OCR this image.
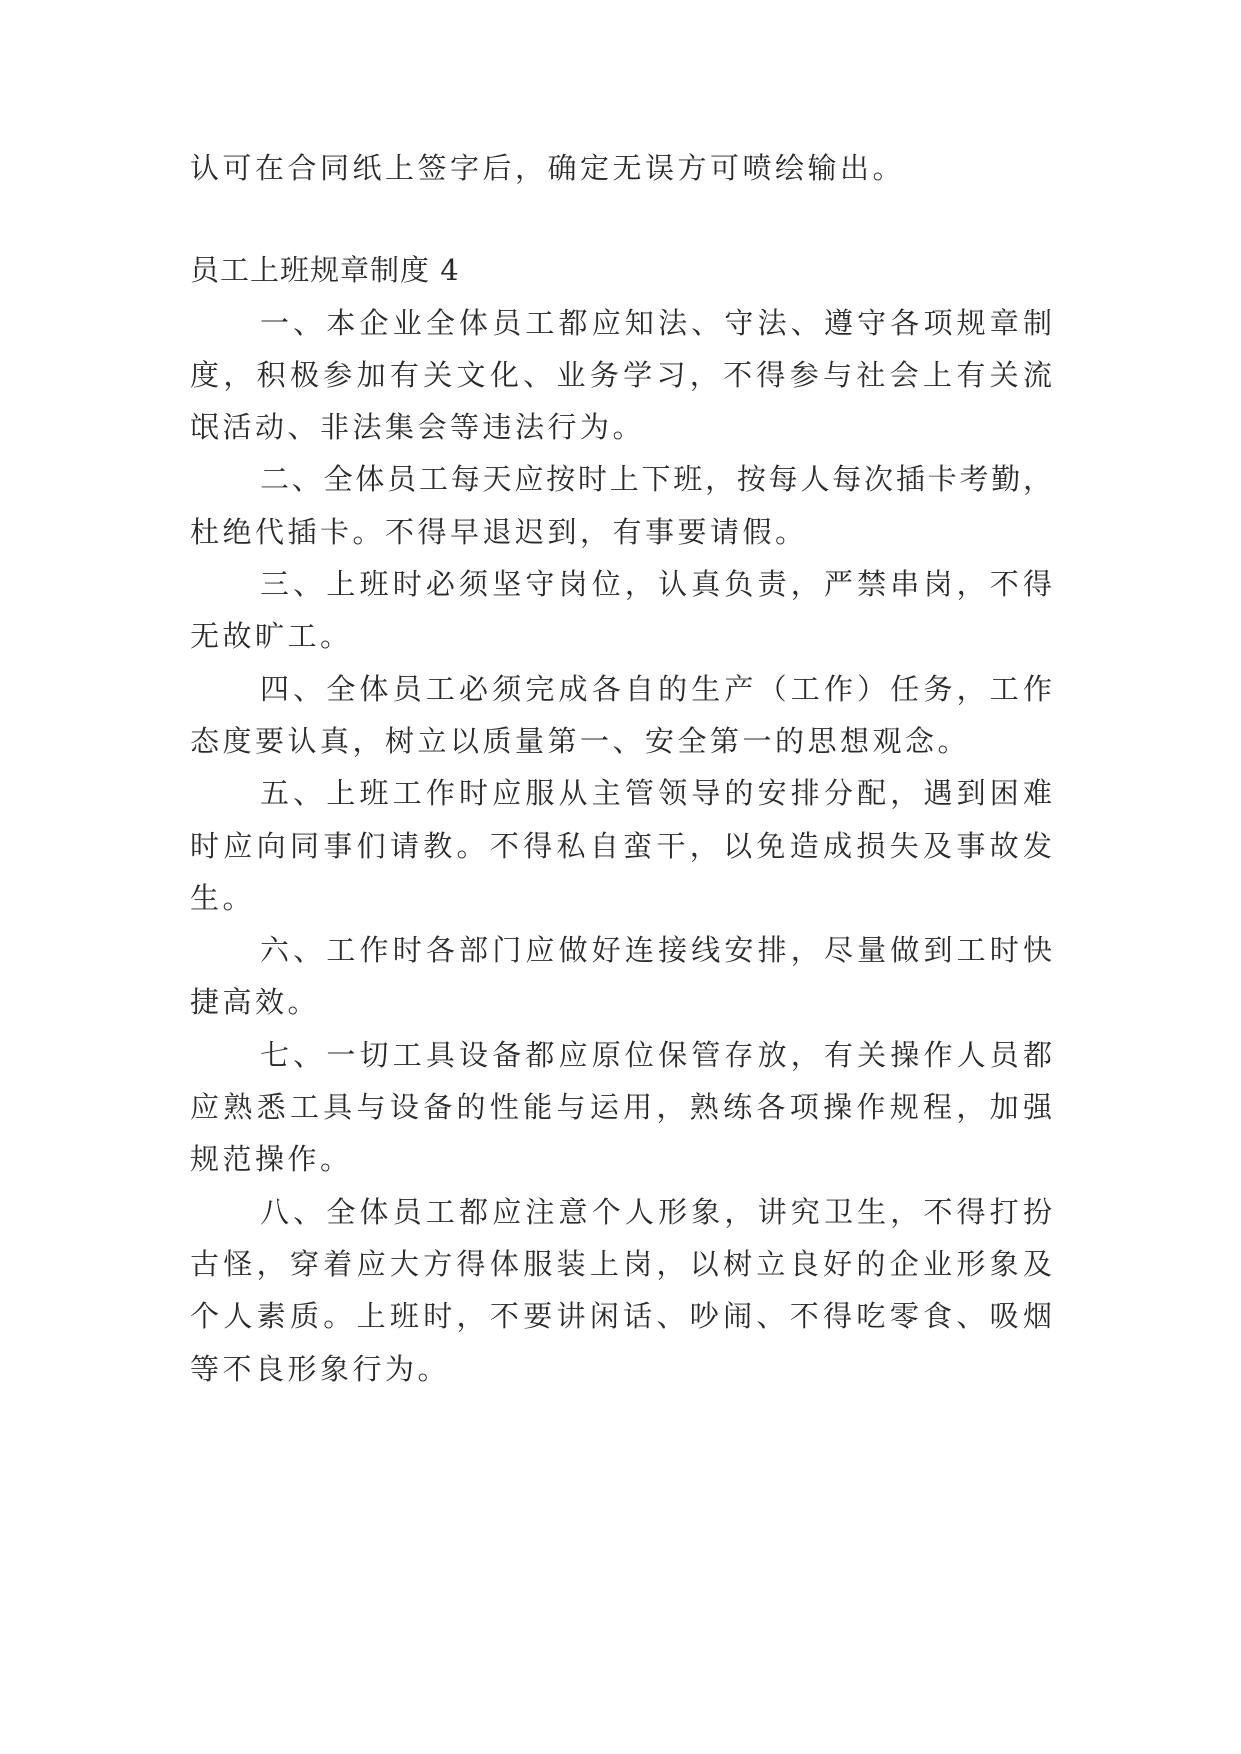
认可在合同纸上签字后，确定无误方可喷绘输出。
员工上班规章制度 4
一、本企业全体员工都应知法、守法、遵守各项规章制
度，积极参加有关文化、业务学习，不得参与社会上有关流
氓活动、非法集会等违法行为。
二、全体员工每天应按时上下班，按每人每次插卡考勤，
杜绝代插卡。不得早退迟到，有事要请假。
三、上班时必须坚守岗位，认真负责，严禁串岗，不得
无故旷工。
四、全体员工必须完成各自的生产（工作）任务，工作
态度要认真，树立以质量第一、安全第一的思想观念。
五、上班工作时应服从主管领导的安排分配，遇到困难
时应向同事们请教。不得私自蛮干，以免造成损失及事故发
生。
六、工作时各部门应做好连接线安排，尽量做到工时快
捷高效。
七、一切工具设备都应原位保管存放，有关操作人员都
应熟悉工具与设备的性能与运用，熟练各项操作规程，加强
规范操作。
八、全体员工都应注意个人形象，讲究卫生，不得打扮
古怪，穿着应大方得体服装上岗，以树立良好的企业形象及
个人素质。上班时，不要讲闲话、吵闹、不得吃零食、吸烟
等不良形象行为。
